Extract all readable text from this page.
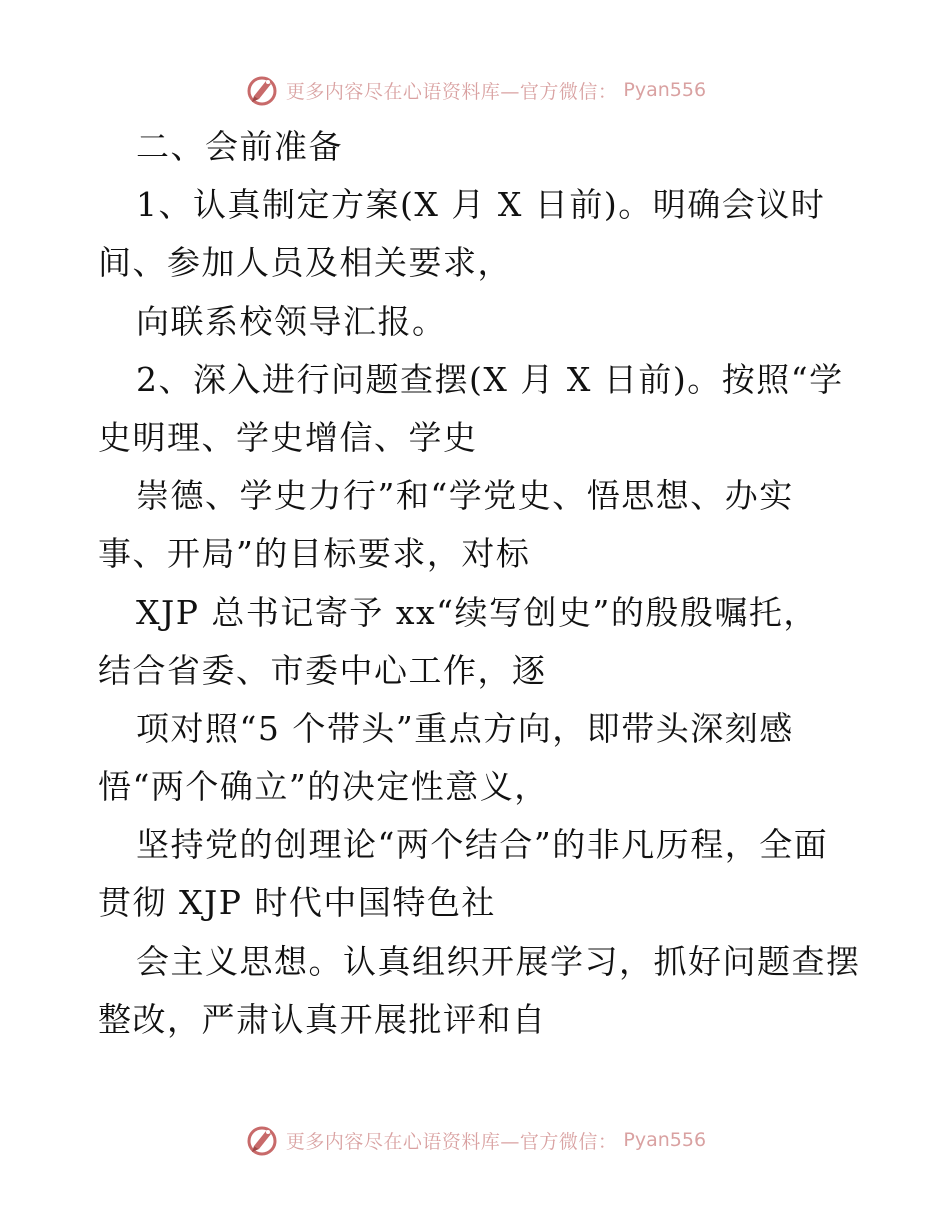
更多内容尽在心语资料库—官方微信： Pyan556
二、会前准备
1、认真制定方案(X 月 X 日前)。明确会议时
间、参加人员及相关要求，
向联系校领导汇报。
2、深入进行问题查摆(X 月 X 日前)。按照“学
史明理、学史增信、学史
崇德、学史力行”和“学党史、悟思想、办实
事、开局”的目标要求，对标
XJP 总书记寄予 xx“续写创史”的殷殷嘱托，
结合省委、市委中心工作，逐
项对照“5 个带头”重点方向，即带头深刻感
悟“两个确立”的决定性意义，
坚持党的创理论“两个结合”的非凡历程，全面
贯彻 XJP 时代中国特色社
会主义思想。认真组织开展学习，抓好问题查摆
整改，严肃认真开展批评和自
更多内容尽在心语资料库—官方微信： Pyan556
